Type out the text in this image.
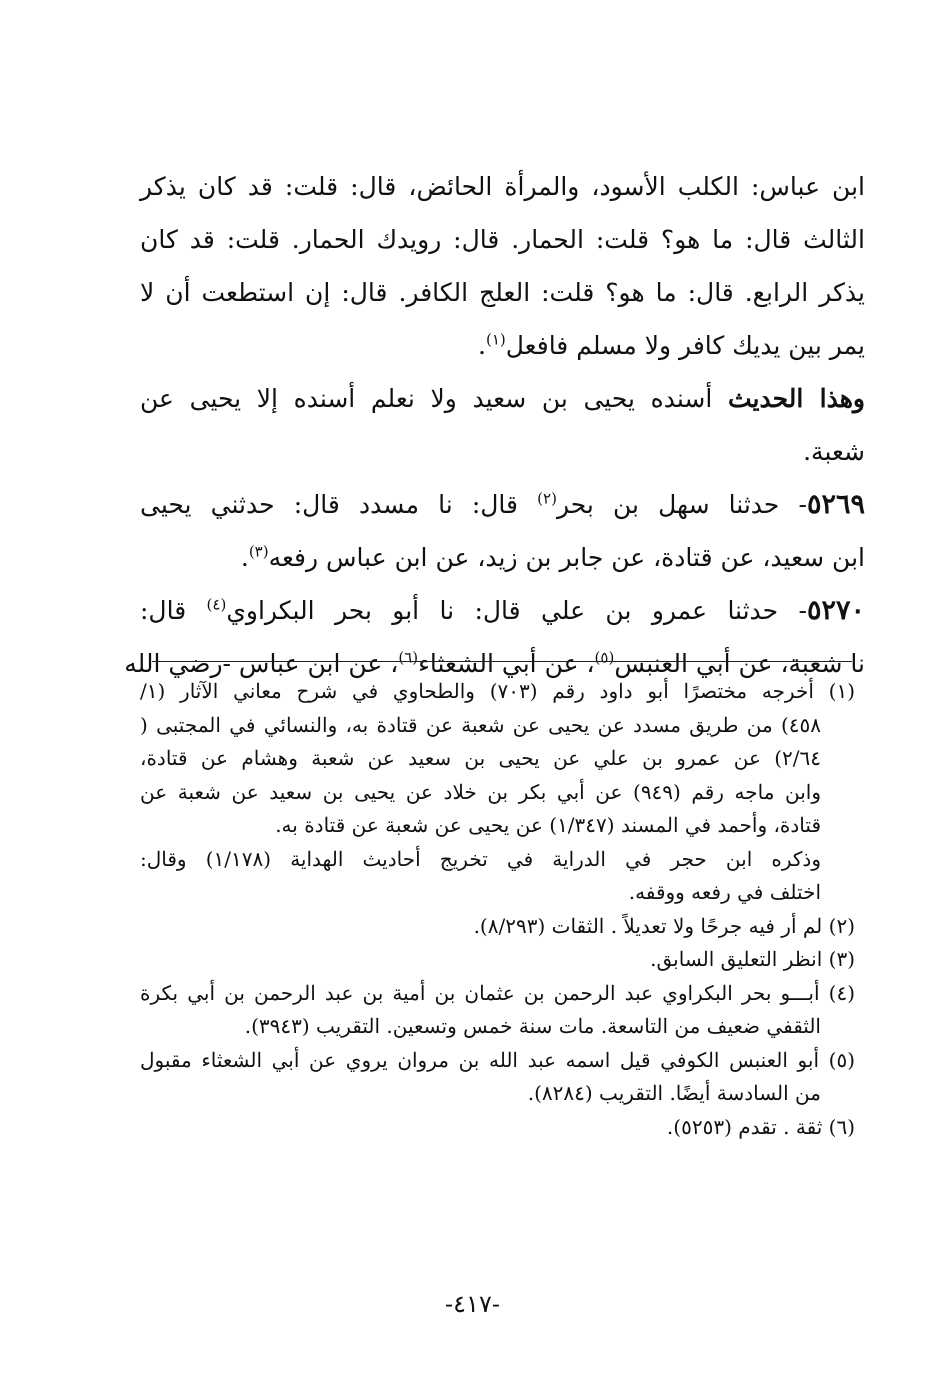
ابن عباس: الكلب الأسود، والمرأة الحائض، قال: قلت: قد كان يذكر
الثالث قال: ما هو؟ قلت: الحمار. قال: رويدك الحمار. قلت: قد كان
يذكر الرابع. قال: ما هو؟ قلت: العلج الكافر. قال: إن استطعت أن لا
يمر بين يديك كافر ولا مسلم فافعل$^{(١)}$.

وهذا الحديث أسنده يحيى بن سعيد ولا نعلم أسنده إلا يحيى عن
شعبة.

٥٢٦٩- حدثنا سهل بن بحر$^{(٢)}$ قال: نا مسدد قال: حدثني يحيى
ابن سعيد، عن قتادة، عن جابر بن زيد، عن ابن عباس رفعه$^{(٣)}$.

٥٢٧٠- حدثنا عمرو بن علي قال: نا أبو بحر البكراوي$^{(٤)}$ قال:
نا شعبة، عن أبي العنبس$^{(٥)}$، عن أبي الشعثاء$^{(٦)}$، عن ابن عباس -رضي الله

(١) أخرجه مختصرًا أبو داود رقم (٧٠٣) والطحاوي في شرح معاني الآثار (١/
٤٥٨) من طريق مسدد عن يحيى عن شعبة عن قتادة به، والنسائي في المجتبى (
٢/٦٤) عن عمرو بن علي عن يحيى بن سعيد عن شعبة وهشام عن قتادة،
وابن ماجه رقم (٩٤٩) عن أبي بكر بن خلاد عن يحيى بن سعيد عن شعبة عن
قتادة، وأحمد في المسند (١/٣٤٧) عن يحيى عن شعبة عن قتادة به.
وذكره ابن حجر في الدراية في تخريج أحاديث الهداية (١/١٧٨) وقال:
اختلف في رفعه ووقفه.
(٢) لم أر فيه جرحًا ولا تعديلاً . الثقات (٨/٢٩٣).
(٣) انظر التعليق السابق.
(٤) أبـــو بحر البكراوي عبد الرحمن بن عثمان بن أمية بن عبد الرحمن بن أبي بكرة
الثقفي ضعيف من التاسعة. مات سنة خمس وتسعين. التقريب (٣٩٤٣).
(٥) أبو العنبس الكوفي قيل اسمه عبد الله بن مروان يروي عن أبي الشعثاء مقبول
من السادسة أيضًا. التقريب (٨٢٨٤).
(٦) ثقة . تقدم (٥٢٥٣).
-٤١٧-
